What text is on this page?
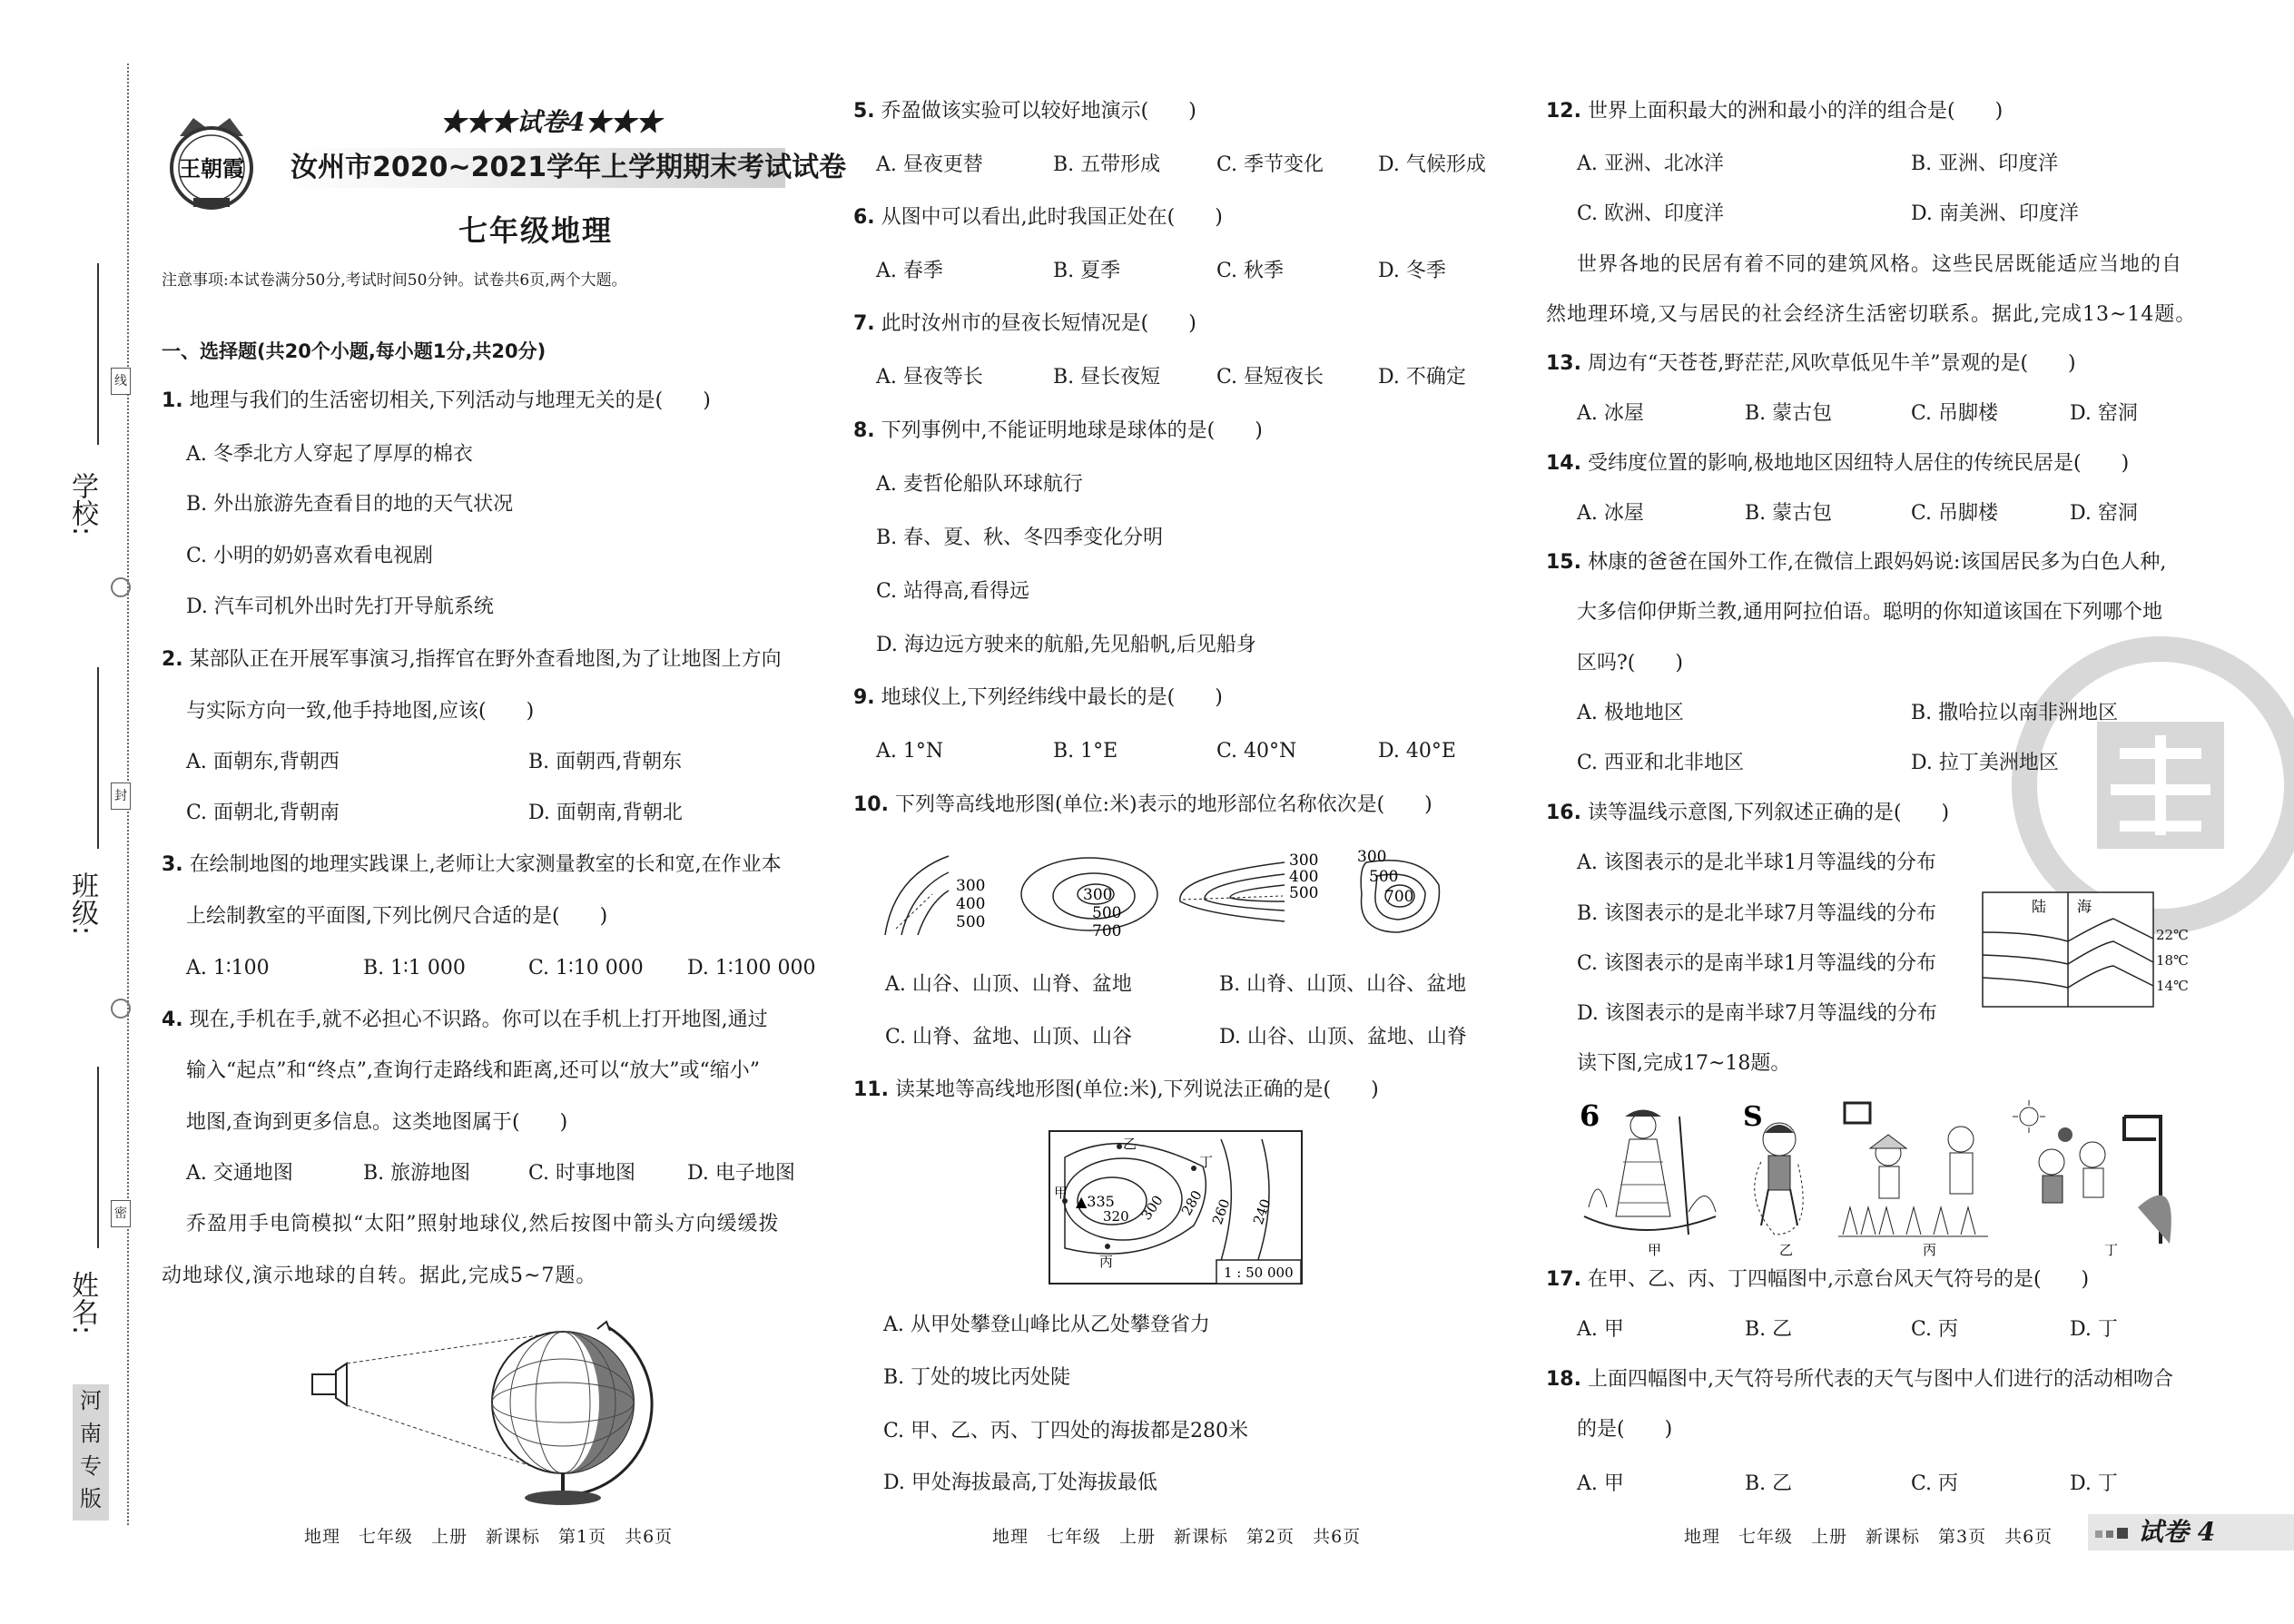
学校:
班级:
姓名:
线
封
密
河
南
专
版
王朝霞
★★★试卷4★★★
汝州市2020~2021学年上学期期末考试试卷
七年级地理
注意事项:本试卷满分50分,考试时间50分钟。试卷共6页,两个大题。
一、选择题(共20个小题,每小题1分,共20分)
1. 地理与我们的生活密切相关,下列活动与地理无关的是(　　)
A. 冬季北方人穿起了厚厚的棉衣
B. 外出旅游先查看目的地的天气状况
C. 小明的奶奶喜欢看电视剧
D. 汽车司机外出时先打开导航系统
2. 某部队正在开展军事演习,指挥官在野外查看地图,为了让地图上方向
与实际方向一致,他手持地图,应该(　　)
A. 面朝东,背朝西	B. 面朝西,背朝东
C. 面朝北,背朝南	D. 面朝南,背朝北
3. 在绘制地图的地理实践课上,老师让大家测量教室的长和宽,在作业本
上绘制教室的平面图,下列比例尺合适的是(　　)
A. 1∶100	B. 1∶1 000	C. 1∶10 000 D. 1∶100 000
4. 现在,手机在手,就不必担心不识路。你可以在手机上打开地图,通过
输入“起点”和“终点”,查询行走路线和距离,还可以“放大”或“缩小”
地图,查询到更多信息。这类地图属于(　　)
A. 交通地图	B. 旅游地图	C. 时事地图	D. 电子地图
乔盈用手电筒模拟“太阳”照射地球仪,然后按图中箭头方向缓缓拨
动地球仪,演示地球的自转。据此,完成5~7题。
5. 乔盈做该实验可以较好地演示(　　)
A. 昼夜更替	B. 五带形成	C. 季节变化	D. 气候形成
6. 从图中可以看出,此时我国正处在(　　)
A. 春季	B. 夏季	C. 秋季	D. 冬季
7. 此时汝州市的昼夜长短情况是(　　)
A. 昼夜等长	B. 昼长夜短	C. 昼短夜长	D. 不确定
8. 下列事例中,不能证明地球是球体的是(　　)
A. 麦哲伦船队环球航行
B. 春、夏、秋、冬四季变化分明
C. 站得高,看得远
D. 海边远方驶来的航船,先见船帆,后见船身
9. 地球仪上,下列经纬线中最长的是(　　)
A. 1°N	B. 1°E	C. 40°N	D. 40°E
10. 下列等高线地形图(单位:米)表示的地形部位名称依次是(　　)
300
400
500
300
500
700
300
400
500
300
500
700
A. 山谷、山顶、山脊、盆地	B. 山脊、山顶、山谷、盆地
C. 山脊、盆地、山顶、山谷	D. 山谷、山顶、盆地、山脊
11. 读某地等高线地形图(单位:米),下列说法正确的是(　　)
▲335
320 300 280 260 240
甲
乙
丁
丙
1 : 50 000
A. 从甲处攀登山峰比从乙处攀登省力
B. 丁处的坡比丙处陡
C. 甲、乙、丙、丁四处的海拔都是280米
D. 甲处海拔最高,丁处海拔最低
12. 世界上面积最大的洲和最小的洋的组合是(　　)
A. 亚洲、北冰洋	B. 亚洲、印度洋
C. 欧洲、印度洋	D. 南美洲、印度洋
世界各地的民居有着不同的建筑风格。这些民居既能适应当地的自
然地理环境,又与居民的社会经济生活密切联系。据此,完成13~14题。
13. 周边有“天苍苍,野茫茫,风吹草低见牛羊”景观的是(　　)
A. 冰屋	B. 蒙古包	C. 吊脚楼	D. 窑洞
14. 受纬度位置的影响,极地地区因纽特人居住的传统民居是(　　)
A. 冰屋	B. 蒙古包	C. 吊脚楼	D. 窑洞
15. 林康的爸爸在国外工作,在微信上跟妈妈说:该国居民多为白色人种,
大多信仰伊斯兰教,通用阿拉伯语。聪明的你知道该国在下列哪个地
区吗?(　　)
A. 极地地区	B. 撒哈拉以南非洲地区
C. 西亚和北非地区	D. 拉丁美洲地区
16. 读等温线示意图,下列叙述正确的是(　　)
A. 该图表示的是北半球1月等温线的分布
B. 该图表示的是北半球7月等温线的分布
C. 该图表示的是南半球1月等温线的分布
D. 该图表示的是南半球7月等温线的分布
陆 海
22℃
18℃
14℃
读下图,完成17~18题。
6	S
甲	乙	丙	丁
17. 在甲、乙、丙、丁四幅图中,示意台风天气符号的是(　　)
A. 甲	B. 乙	C. 丙	D. 丁
18. 上面四幅图中,天气符号所代表的天气与图中人们进行的活动相吻合
的是(　　)
A. 甲	B. 乙	C. 丙	D. 丁
地理　七年级　上册　新课标　第1页　共6页	地理　七年级　上册　新课标　第2页　共6页	地理　七年级　上册　新课标　第3页　共6页	试卷 4
